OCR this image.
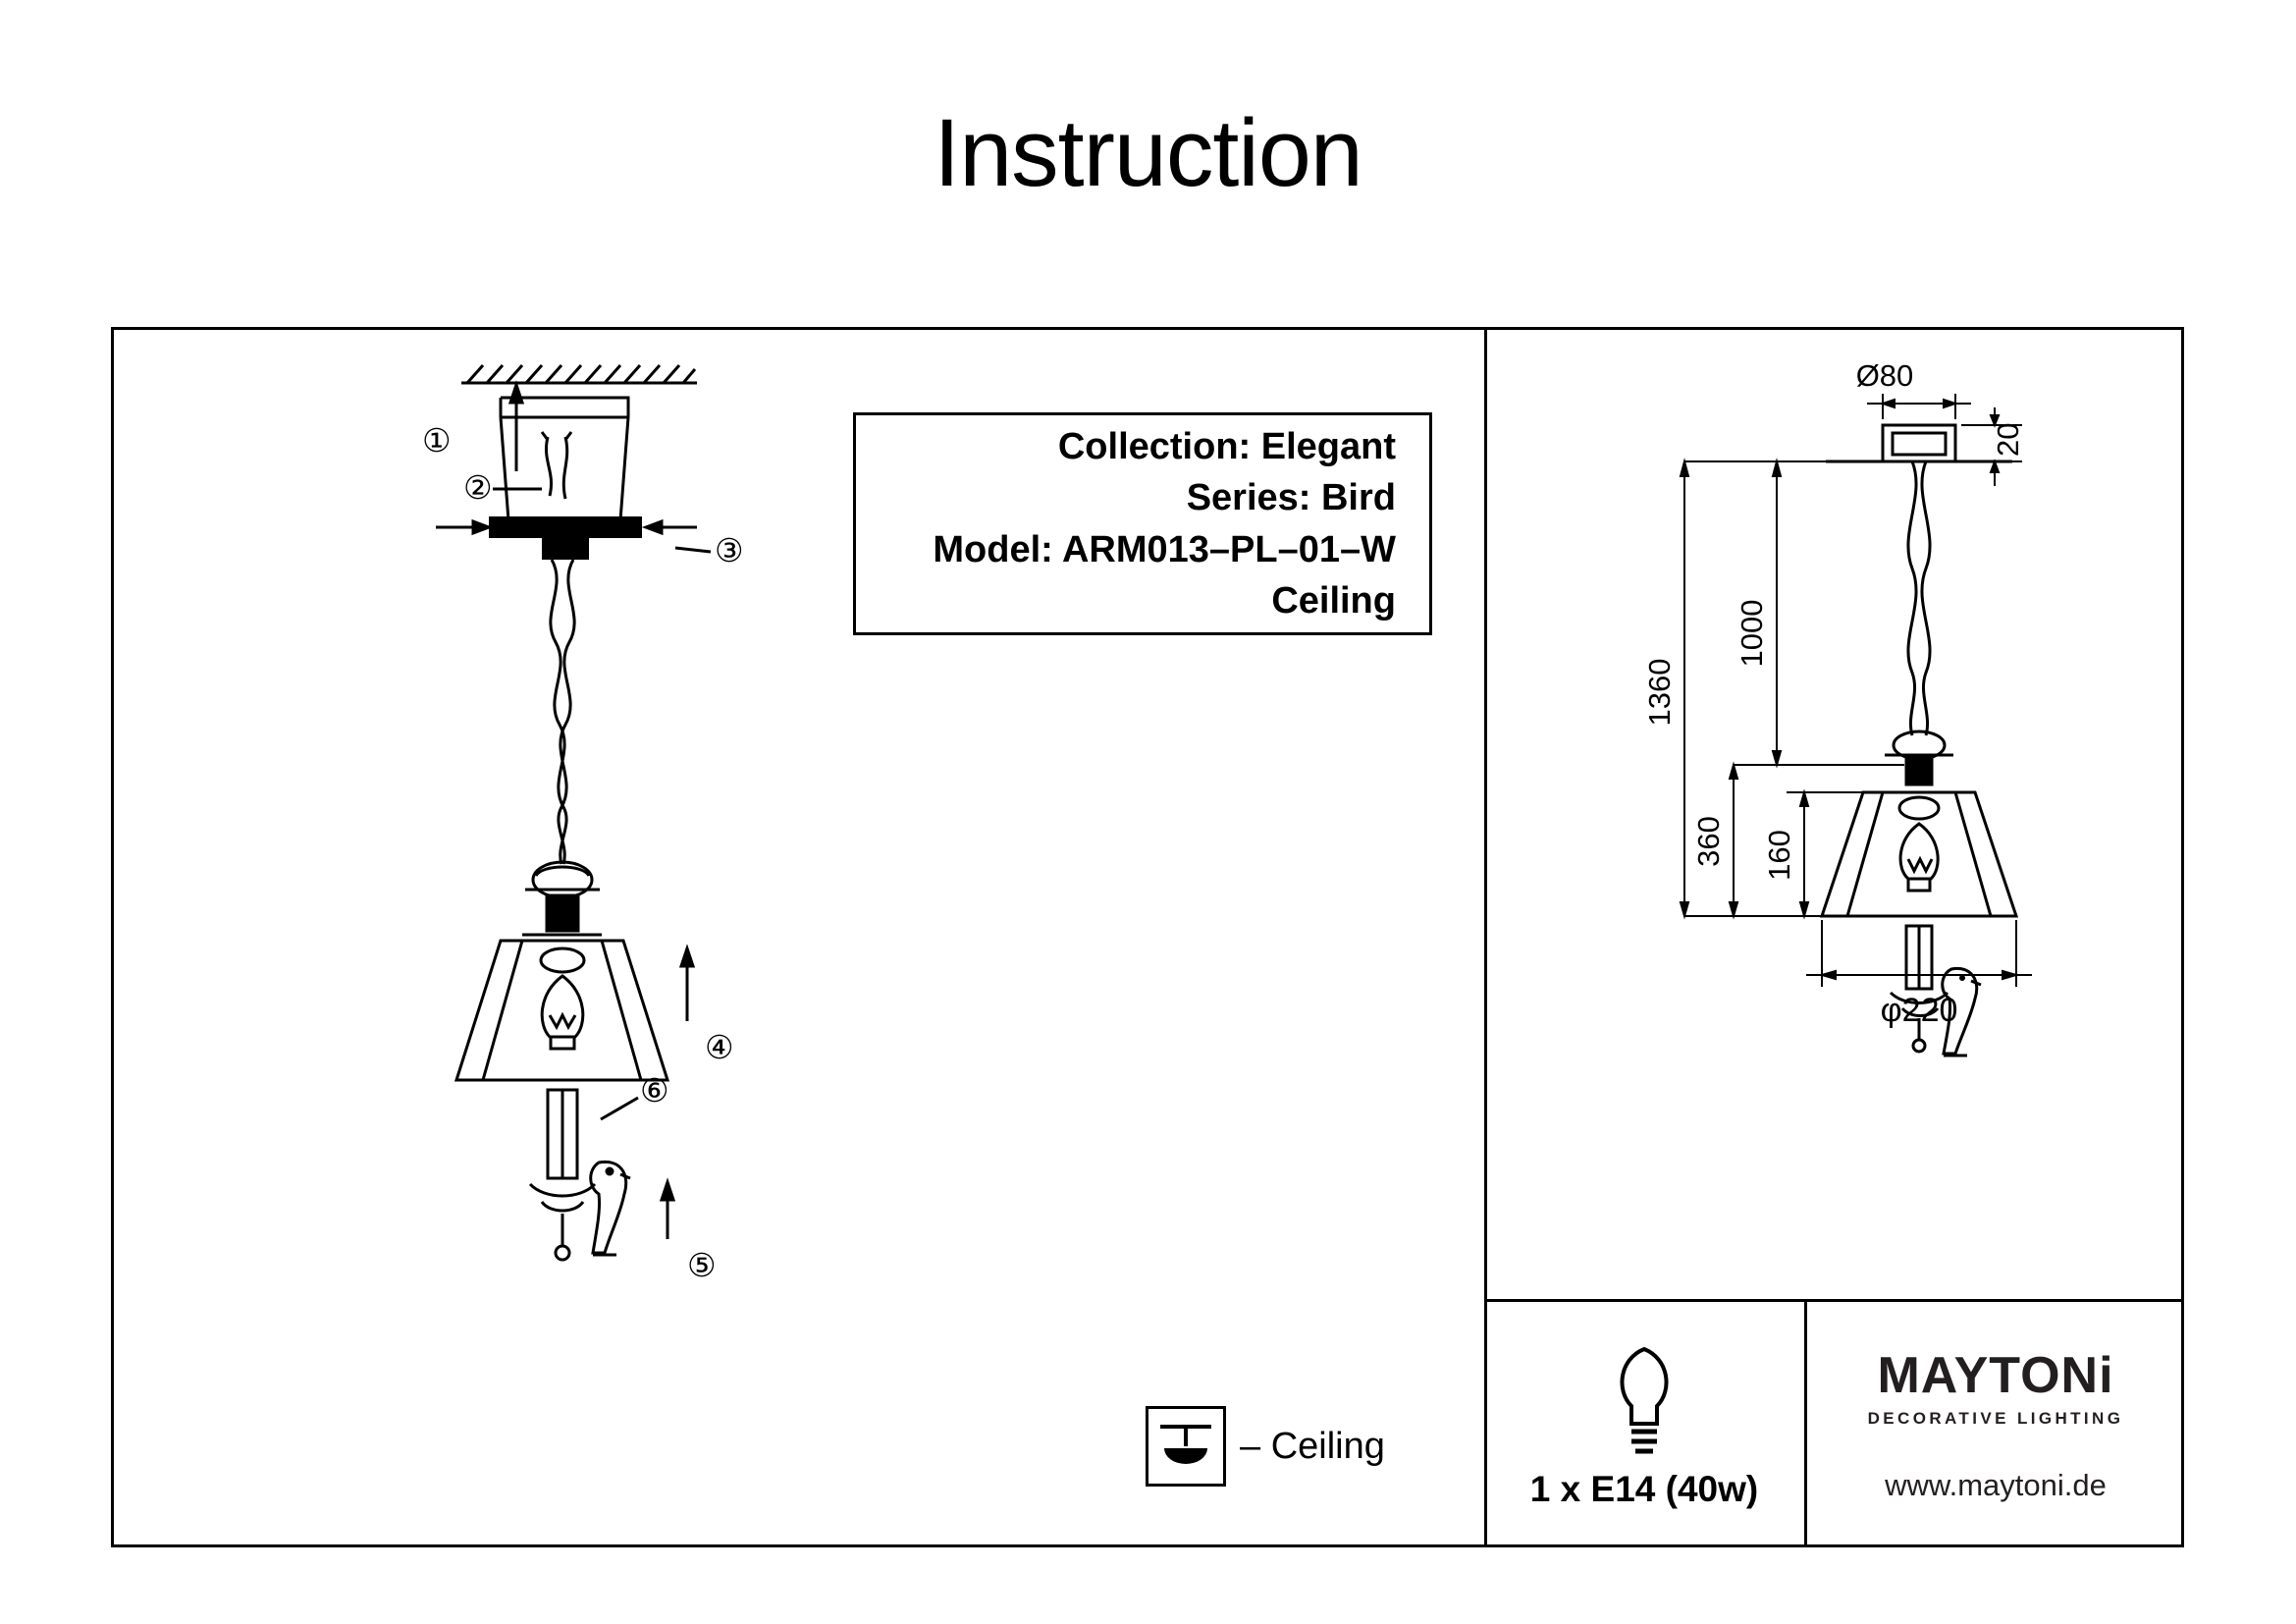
Instruction
①
②
③
④
⑥
⑤
Collection: Elegant
Series: Bird
Model: ARM013–PL–01–W
Ceiling
– Ceiling
Ø80
20
1000
1360
360 160
φ220
1 x E14 (40w)
MAYTONi
DECORATIVE LIGHTING
www.maytoni.de
